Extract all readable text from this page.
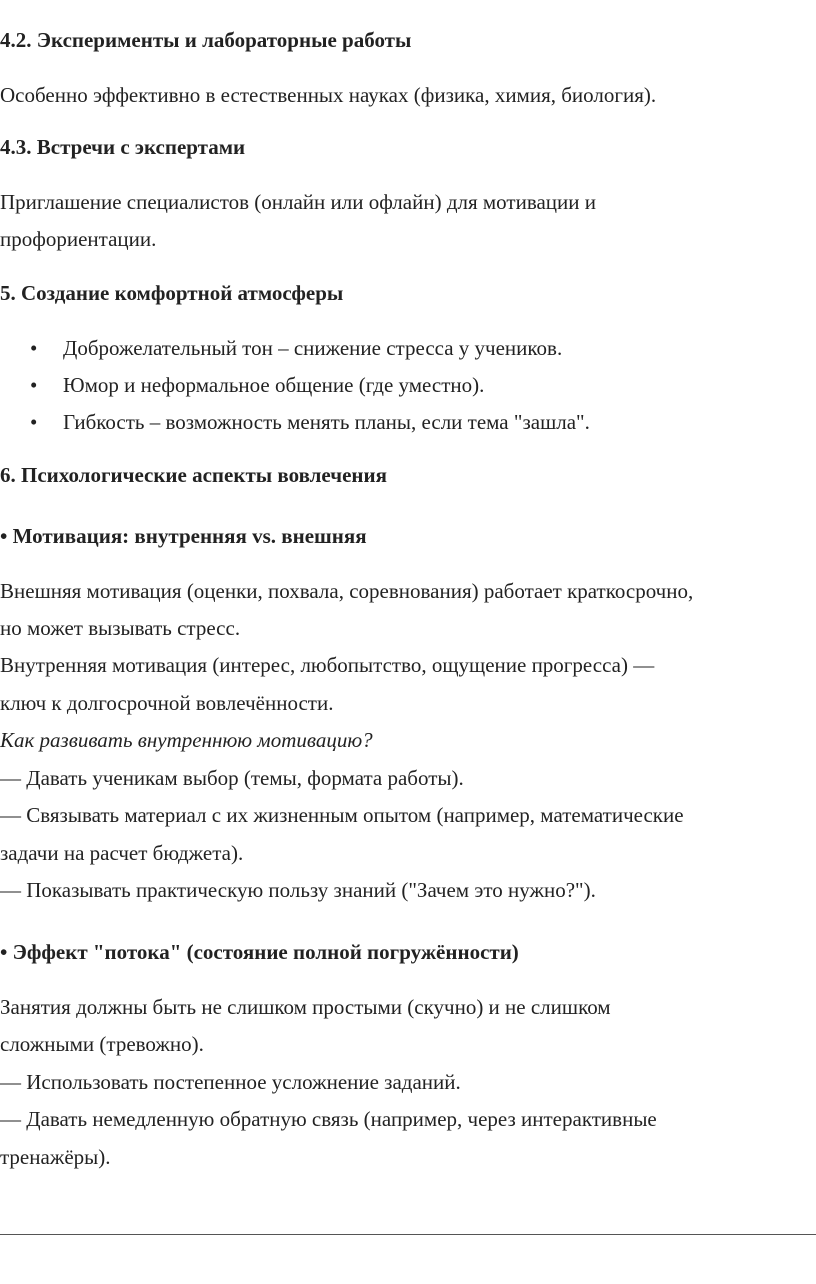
4.2. Эксперименты и лабораторные работы
Особенно эффективно в естественных науках (физика, химия, биология).
4.3. Встречи с экспертами
Приглашение специалистов (онлайн или офлайн) для мотивации и
профориентации.
5. Создание комфортной атмосферы
• Доброжелательный тон – снижение стресса у учеников.
• Юмор и неформальное общение (где уместно).
• Гибкость – возможность менять планы, если тема "зашла".
6. Психологические аспекты вовлечения
• Мотивация: внутренняя vs. внешняя
Внешняя мотивация (оценки, похвала, соревнования) работает краткосрочно,
но может вызывать стресс.
Внутренняя мотивация (интерес, любопытство, ощущение прогресса) —
ключ к долгосрочной вовлечённости.
Как развивать внутреннюю мотивацию?
— Давать ученикам выбор (темы, формата работы).
— Связывать материал с их жизненным опытом (например, математические
задачи на расчет бюджета).
— Показывать практическую пользу знаний ("Зачем это нужно?").
• Эффект "потока" (состояние полной погружённости)
Занятия должны быть не слишком простыми (скучно) и не слишком
сложными (тревожно).
— Использовать постепенное усложнение заданий.
— Давать немедленную обратную связь (например, через интерактивные
тренажёры).
